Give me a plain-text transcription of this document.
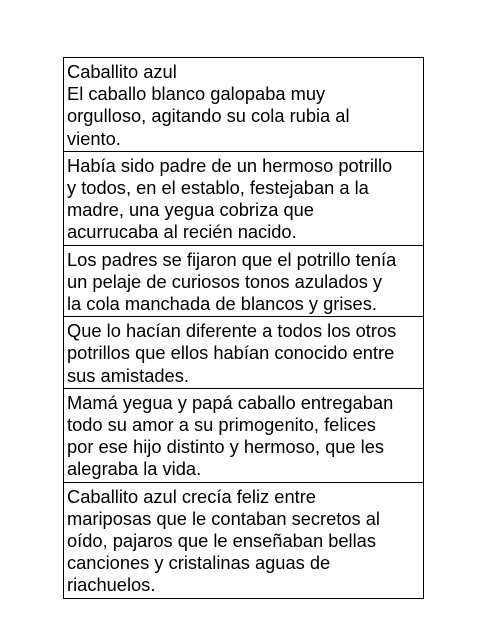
Caballito azul
El caballo blanco galopaba muy
orgulloso, agitando su cola rubia al
viento.
Había sido padre de un hermoso potrillo
y todos, en el establo, festejaban a la
madre, una yegua cobriza que
acurrucaba al recién nacido.
Los padres se fijaron que el potrillo tenía
un pelaje de curiosos tonos azulados y
la cola manchada de blancos y grises.
Que lo hacían diferente a todos los otros
potrillos que ellos habían conocido entre
sus amistades.
Mamá yegua y papá caballo entregaban
todo su amor a su primogenito, felices
por ese hijo distinto y hermoso, que les
alegraba la vida.
Caballito azul crecía feliz entre
mariposas que le contaban secretos al
oído, pajaros que le enseñaban bellas
canciones y cristalinas aguas de
riachuelos.
